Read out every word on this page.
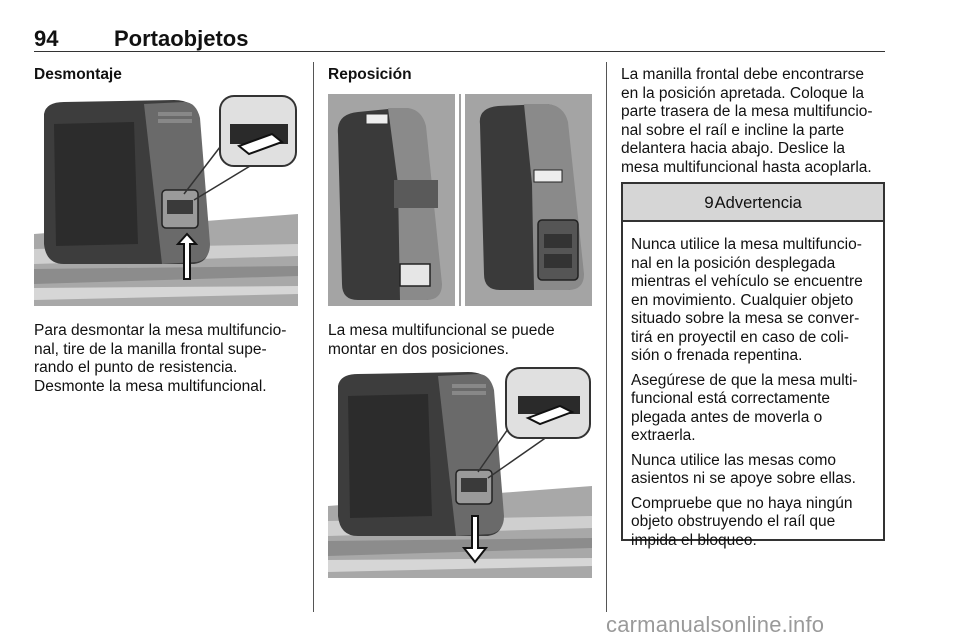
94	Portaobjetos
Desmontaje
Para desmontar la mesa multifuncio-
nal, tire de la manilla frontal supe-
rando el punto de resistencia.
Desmonte la mesa multifuncional.
Reposición
La mesa multifuncional se puede
montar en dos posiciones.
La manilla frontal debe encontrarse
en la posición apretada. Coloque la
parte trasera de la mesa multifuncio-
nal sobre el raíl e incline la parte
delantera hacia abajo. Deslice la
mesa multifuncional hasta acoplarla.
9Advertencia
Nunca utilice la mesa multifuncio-
nal en la posición desplegada
mientras el vehículo se encuentre
en movimiento. Cualquier objeto
situado sobre la mesa se conver-
tirá en proyectil en caso de coli-
sión o frenada repentina.
Asegúrese de que la mesa multi-
funcional está correctamente
plegada antes de moverla o
extraerla.
Nunca utilice las mesas como
asientos ni se apoye sobre ellas.
Compruebe que no haya ningún
objeto obstruyendo el raíl que
impida el bloqueo.
carmanualsonline.info
